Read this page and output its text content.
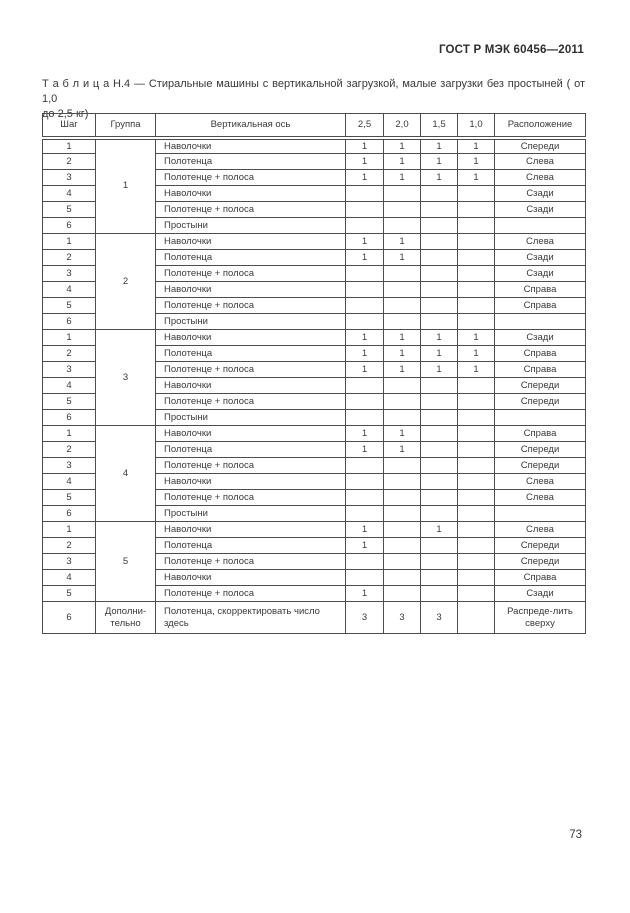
ГОСТ Р МЭК 60456—2011
Т а б л и ц а Н.4 — Стиральные машины с вертикальной загрузкой, малые загрузки без простыней ( от 1,0
до 2,5 кг)
Шаг	Группа	Вертикальная ось	2,5	2,0	1,5	1,0	Расположение
1	1	Наволочки	1	1	1	1	Спереди
2		Полотенца	1	1	1	1	Слева
3		Полотенце + полоса	1	1	1	1	Слева
4		Наволочки					Сзади
5		Полотенце + полоса					Сзади
6		Простыни					
1	2	Наволочки	1	1			Слева
2		Полотенца	1	1			Сзади
3		Полотенце + полоса					Сзади
4		Наволочки					Справа
5		Полотенце + полоса					Справа
6		Простыни					
1	3	Наволочки	1	1	1	1	Сзади
2		Полотенца	1	1	1	1	Справа
3		Полотенце + полоса	1	1	1	1	Справа
4		Наволочки					Спереди
5		Полотенце + полоса					Спереди
6		Простыни					
1	4	Наволочки	1	1			Справа
2		Полотенца	1	1			Спереди
3		Полотенце + полоса					Спереди
4		Наволочки					Слева
5		Полотенце + полоса					Слева
6		Простыни					
1	5	Наволочки	1		1		Слева
2		Полотенца	1				Спереди
3		Полотенце + полоса					Спереди
4		Наволочки					Справа
5		Полотенце + полоса	1				Сзади
6	Дополни-тельно	Полотенца, скорректировать число здесь	3	3	3		Распреде-лить сверху
73
